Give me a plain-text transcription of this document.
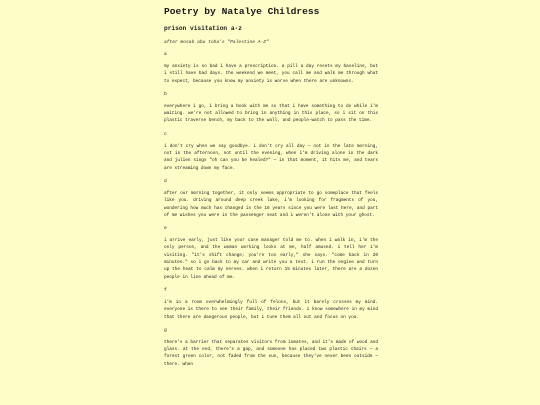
Poetry by Natalye Childress
prison visitation a-z
after mosab abu toha's "Palestine A-Z"
a
my anxiety is so bad i have a prescription. a pill a day resets my baseline, but i still have bad days. the weekend we meet, you call me and walk me through what to expect, because you know my anxiety is worse when there are unknowns.
b
everywhere i go, i bring a book with me so that i have something to do while i'm waiting. we're not allowed to bring in anything in this place, so i sit on this plastic traverse bench, my back to the wall, and people-watch to pass the time.
c
i don't cry when we say goodbye. i don't cry all day — not in the late morning, not in the afternoon, not until the evening, when i'm driving alone in the dark and julien sings "oh can you be healed?" — in that moment, it hits me, and tears are streaming down my face.
d
after our morning together, it only seems appropriate to go someplace that feels like you. driving around deep creek lake, i'm looking for fragments of you, wondering how much has changed in the 16 years since you were last here, and part of me wishes you were in the passenger seat and i weren't alone with your ghost.
e
i arrive early, just like your case manager told me to. when i walk in, i'm the only person, and the woman working looks at me, half amused. i tell her i'm visiting. "it's shift change; you're too early," she says. "come back in 20 minutes." so i go back to my car and write you a text. i run the engine and turn up the heat to calm my nerves. when i return 15 minutes later, there are a dozen people in line ahead of me.
f
i'm in a room overwhelmingly full of felons, but it barely crosses my mind. everyone is there to see their family, their friends. i know somewhere in my mind that there are dangerous people, but i tune them all out and focus on you.
g
there's a barrier that separates visitors from inmates, and it's made of wood and glass. at the end, there's a gap, and someone has placed two plastic chairs — a forest green color, not faded from the sun, because they've never been outside — there. when
